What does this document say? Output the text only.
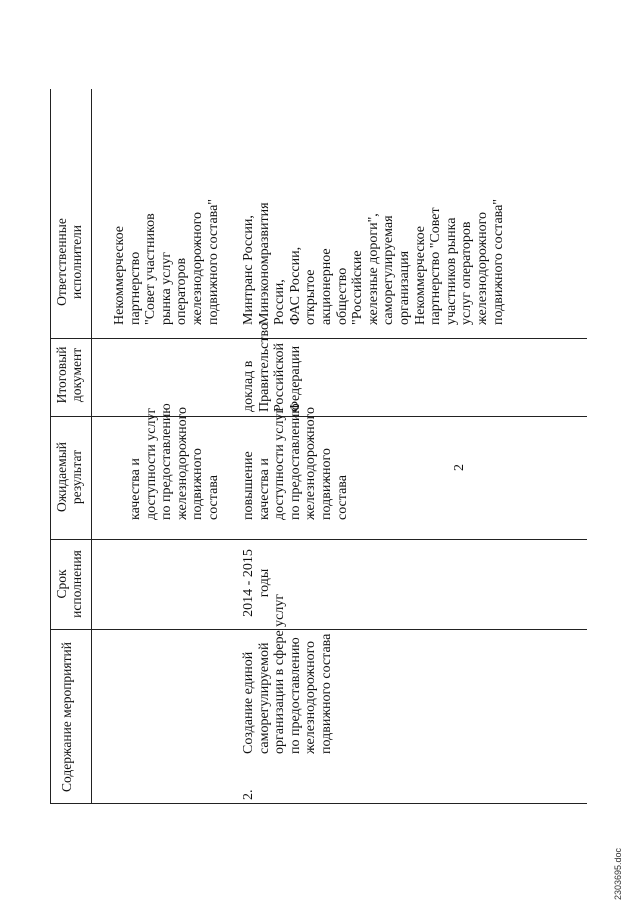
2
Содержание мероприятий
Срок исполнения
Ожидаемый результат
Итоговый документ
Ответственные исполнители
качества и доступности услуг по предоставлению железнодорожного подвижного состава
Некоммерческое партнерство "Совет участников рынка услуг операторов железнодорожного подвижного состава"
2.
Создание единой саморегулируемой организации в сфере услуг по предоставлению железнодорожного подвижного состава
2014 - 2015 годы
повышение качества и доступности услуг по предоставлению железнодорожного подвижного состава
доклад в Правительство Российской Федерации
Минтранс России, Минэкономразвития России, ФАС России, открытое акционерное общество "Российские железные дороги", саморегулируемая организация Некоммерческое партнерство "Совет участников рынка услуг операторов железнодорожного подвижного состава"
2303695.doc
